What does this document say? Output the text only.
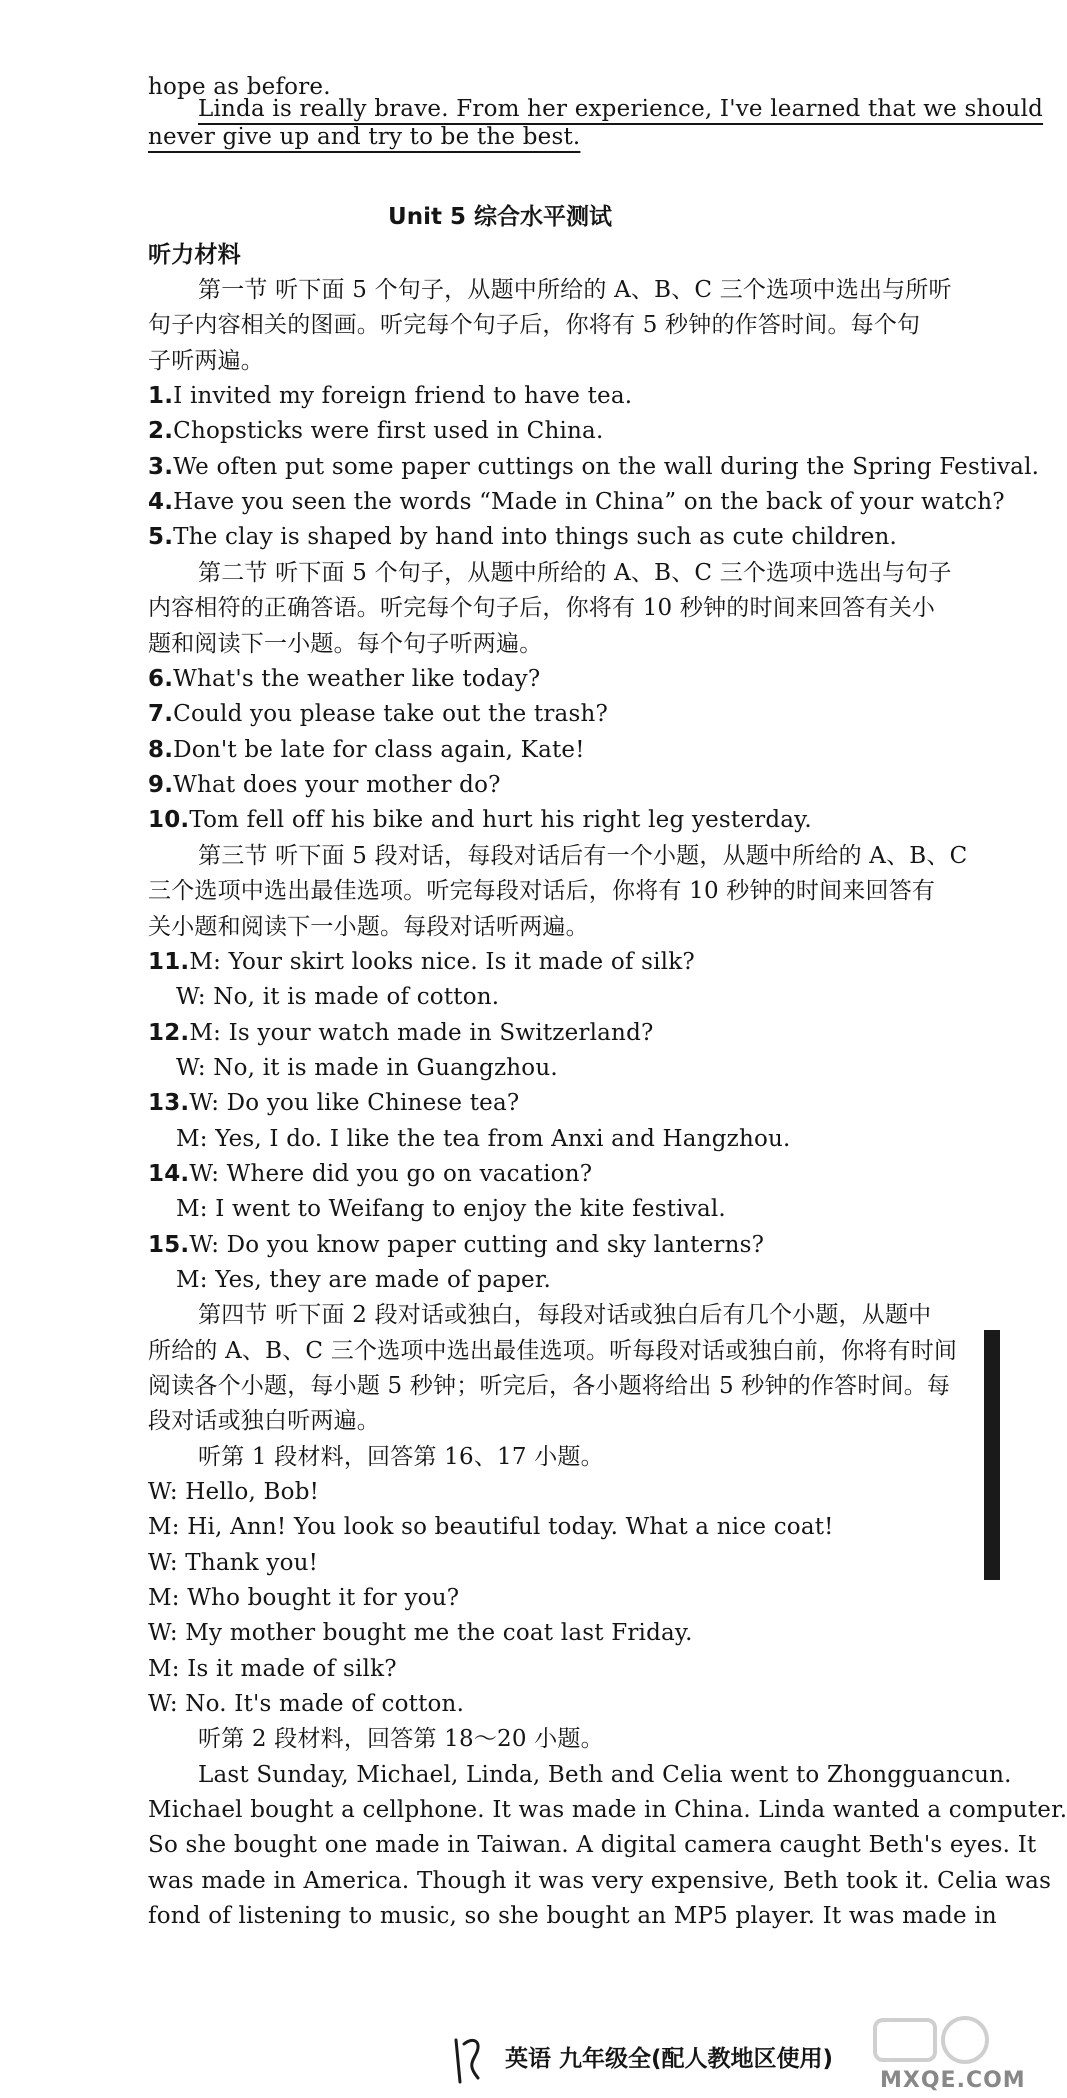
hope as before.
Linda is really brave. From her experience, I've learned that we should
never give up and try to be the best.
Unit 5 综合水平测试
听力材料
第一节 听下面 5 个句子，从题中所给的 A、B、C 三个选项中选出与所听
句子内容相关的图画。听完每个句子后，你将有 5 秒钟的作答时间。每个句
子听两遍。
1.I invited my foreign friend to have tea.
2.Chopsticks were first used in China.
3.We often put some paper cuttings on the wall during the Spring Festival.
4.Have you seen the words “Made in China” on the back of your watch?
5.The clay is shaped by hand into things such as cute children.
第二节 听下面 5 个句子，从题中所给的 A、B、C 三个选项中选出与句子
内容相符的正确答语。听完每个句子后，你将有 10 秒钟的时间来回答有关小
题和阅读下一小题。每个句子听两遍。
6.What's the weather like today?
7.Could you please take out the trash?
8.Don't be late for class again, Kate!
9.What does your mother do?
10.Tom fell off his bike and hurt his right leg yesterday.
第三节 听下面 5 段对话，每段对话后有一个小题，从题中所给的 A、B、C
三个选项中选出最佳选项。听完每段对话后，你将有 10 秒钟的时间来回答有
关小题和阅读下一小题。每段对话听两遍。
11.M: Your skirt looks nice. Is it made of silk?
W: No, it is made of cotton.
12.M: Is your watch made in Switzerland?
W: No, it is made in Guangzhou.
13.W: Do you like Chinese tea?
M: Yes, I do. I like the tea from Anxi and Hangzhou.
14.W: Where did you go on vacation?
M: I went to Weifang to enjoy the kite festival.
15.W: Do you know paper cutting and sky lanterns?
M: Yes, they are made of paper.
第四节 听下面 2 段对话或独白，每段对话或独白后有几个小题，从题中
所给的 A、B、C 三个选项中选出最佳选项。听每段对话或独白前，你将有时间
阅读各个小题，每小题 5 秒钟；听完后，各小题将给出 5 秒钟的作答时间。每
段对话或独白听两遍。
听第 1 段材料，回答第 16、17 小题。
W: Hello, Bob!
M: Hi, Ann! You look so beautiful today. What a nice coat!
W: Thank you!
M: Who bought it for you?
W: My mother bought me the coat last Friday.
M: Is it made of silk?
W: No. It's made of cotton.
听第 2 段材料，回答第 18～20 小题。
Last Sunday, Michael, Linda, Beth and Celia went to Zhongguancun.
Michael bought a cellphone. It was made in China. Linda wanted a computer.
So she bought one made in Taiwan. A digital camera caught Beth's eyes. It
was made in America. Though it was very expensive, Beth took it. Celia was
fond of listening to music, so she bought an MP5 player. It was made in
英语 九年级全(配人教地区使用)
MXQE.COM
